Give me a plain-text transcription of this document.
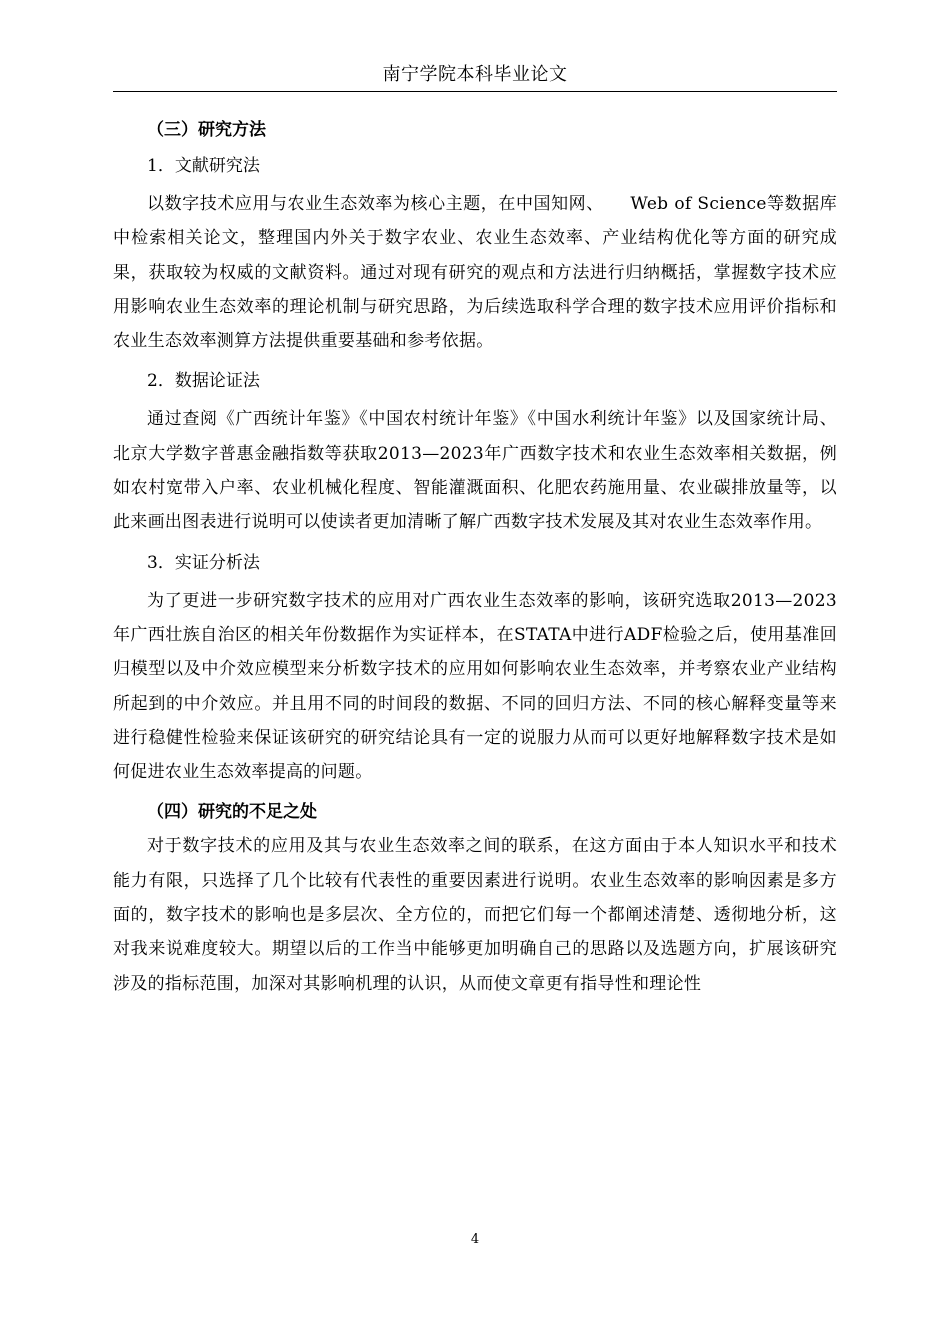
南宁学院本科毕业论文

（三）研究方法

1．文献研究法

以数字技术应用与农业生态效率为核心主题，在中国知网、　　Web of Science等数据库中检索相关论文，整理国内外关于数字农业、农业生态效率、产业结构优化等方面的研究成果，获取较为权威的文献资料。通过对现有研究的观点和方法进行归纳概括，掌握数字技术应用影响农业生态效率的理论机制与研究思路，为后续选取科学合理的数字技术应用评价指标和农业生态效率测算方法提供重要基础和参考依据。

2．数据论证法

通过查阅《广西统计年鉴》《中国农村统计年鉴》《中国水利统计年鉴》以及国家统计局、北京大学数字普惠金融指数等获取2013—2023年广西数字技术和农业生态效率相关数据，例如农村宽带入户率、农业机械化程度、智能灌溉面积、化肥农药施用量、农业碳排放量等，以此来画出图表进行说明可以使读者更加清晰了解广西数字技术发展及其对农业生态效率作用。

3．实证分析法

为了更进一步研究数字技术的应用对广西农业生态效率的影响，该研究选取2013—2023年广西壮族自治区的相关年份数据作为实证样本，在STATA中进行ADF检验之后，使用基准回归模型以及中介效应模型来分析数字技术的应用如何影响农业生态效率，并考察农业产业结构所起到的中介效应。并且用不同的时间段的数据、不同的回归方法、不同的核心解释变量等来进行稳健性检验来保证该研究的研究结论具有一定的说服力从而可以更好地解释数字技术是如何促进农业生态效率提高的问题。

（四）研究的不足之处

对于数字技术的应用及其与农业生态效率之间的联系，在这方面由于本人知识水平和技术能力有限，只选择了几个比较有代表性的重要因素进行说明。农业生态效率的影响因素是多方面的，数字技术的影响也是多层次、全方位的，而把它们每一个都阐述清楚、透彻地分析，这对我来说难度较大。期望以后的工作当中能够更加明确自己的思路以及选题方向，扩展该研究涉及的指标范围，加深对其影响机理的认识，从而使文章更有指导性和理论性

4
